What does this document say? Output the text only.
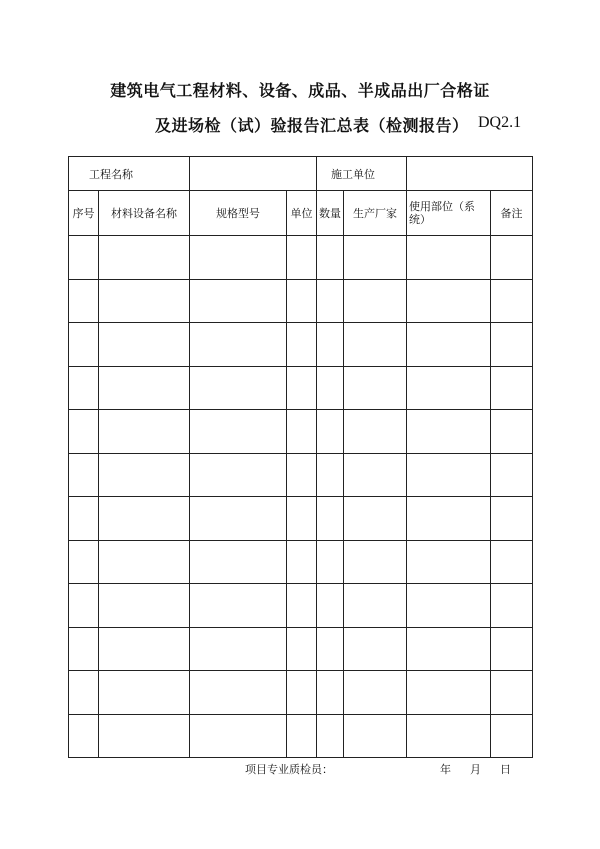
建筑电气工程材料、设备、成品、半成品出厂合格证
及进场检（试）验报告汇总表（检测报告） DQ2.1
工程名称				施工单位			
序号	材料设备名称	规格型号	单位	数量	生产厂家	使用部位（系统）	备注

项目专业质检员：	年 月 日
